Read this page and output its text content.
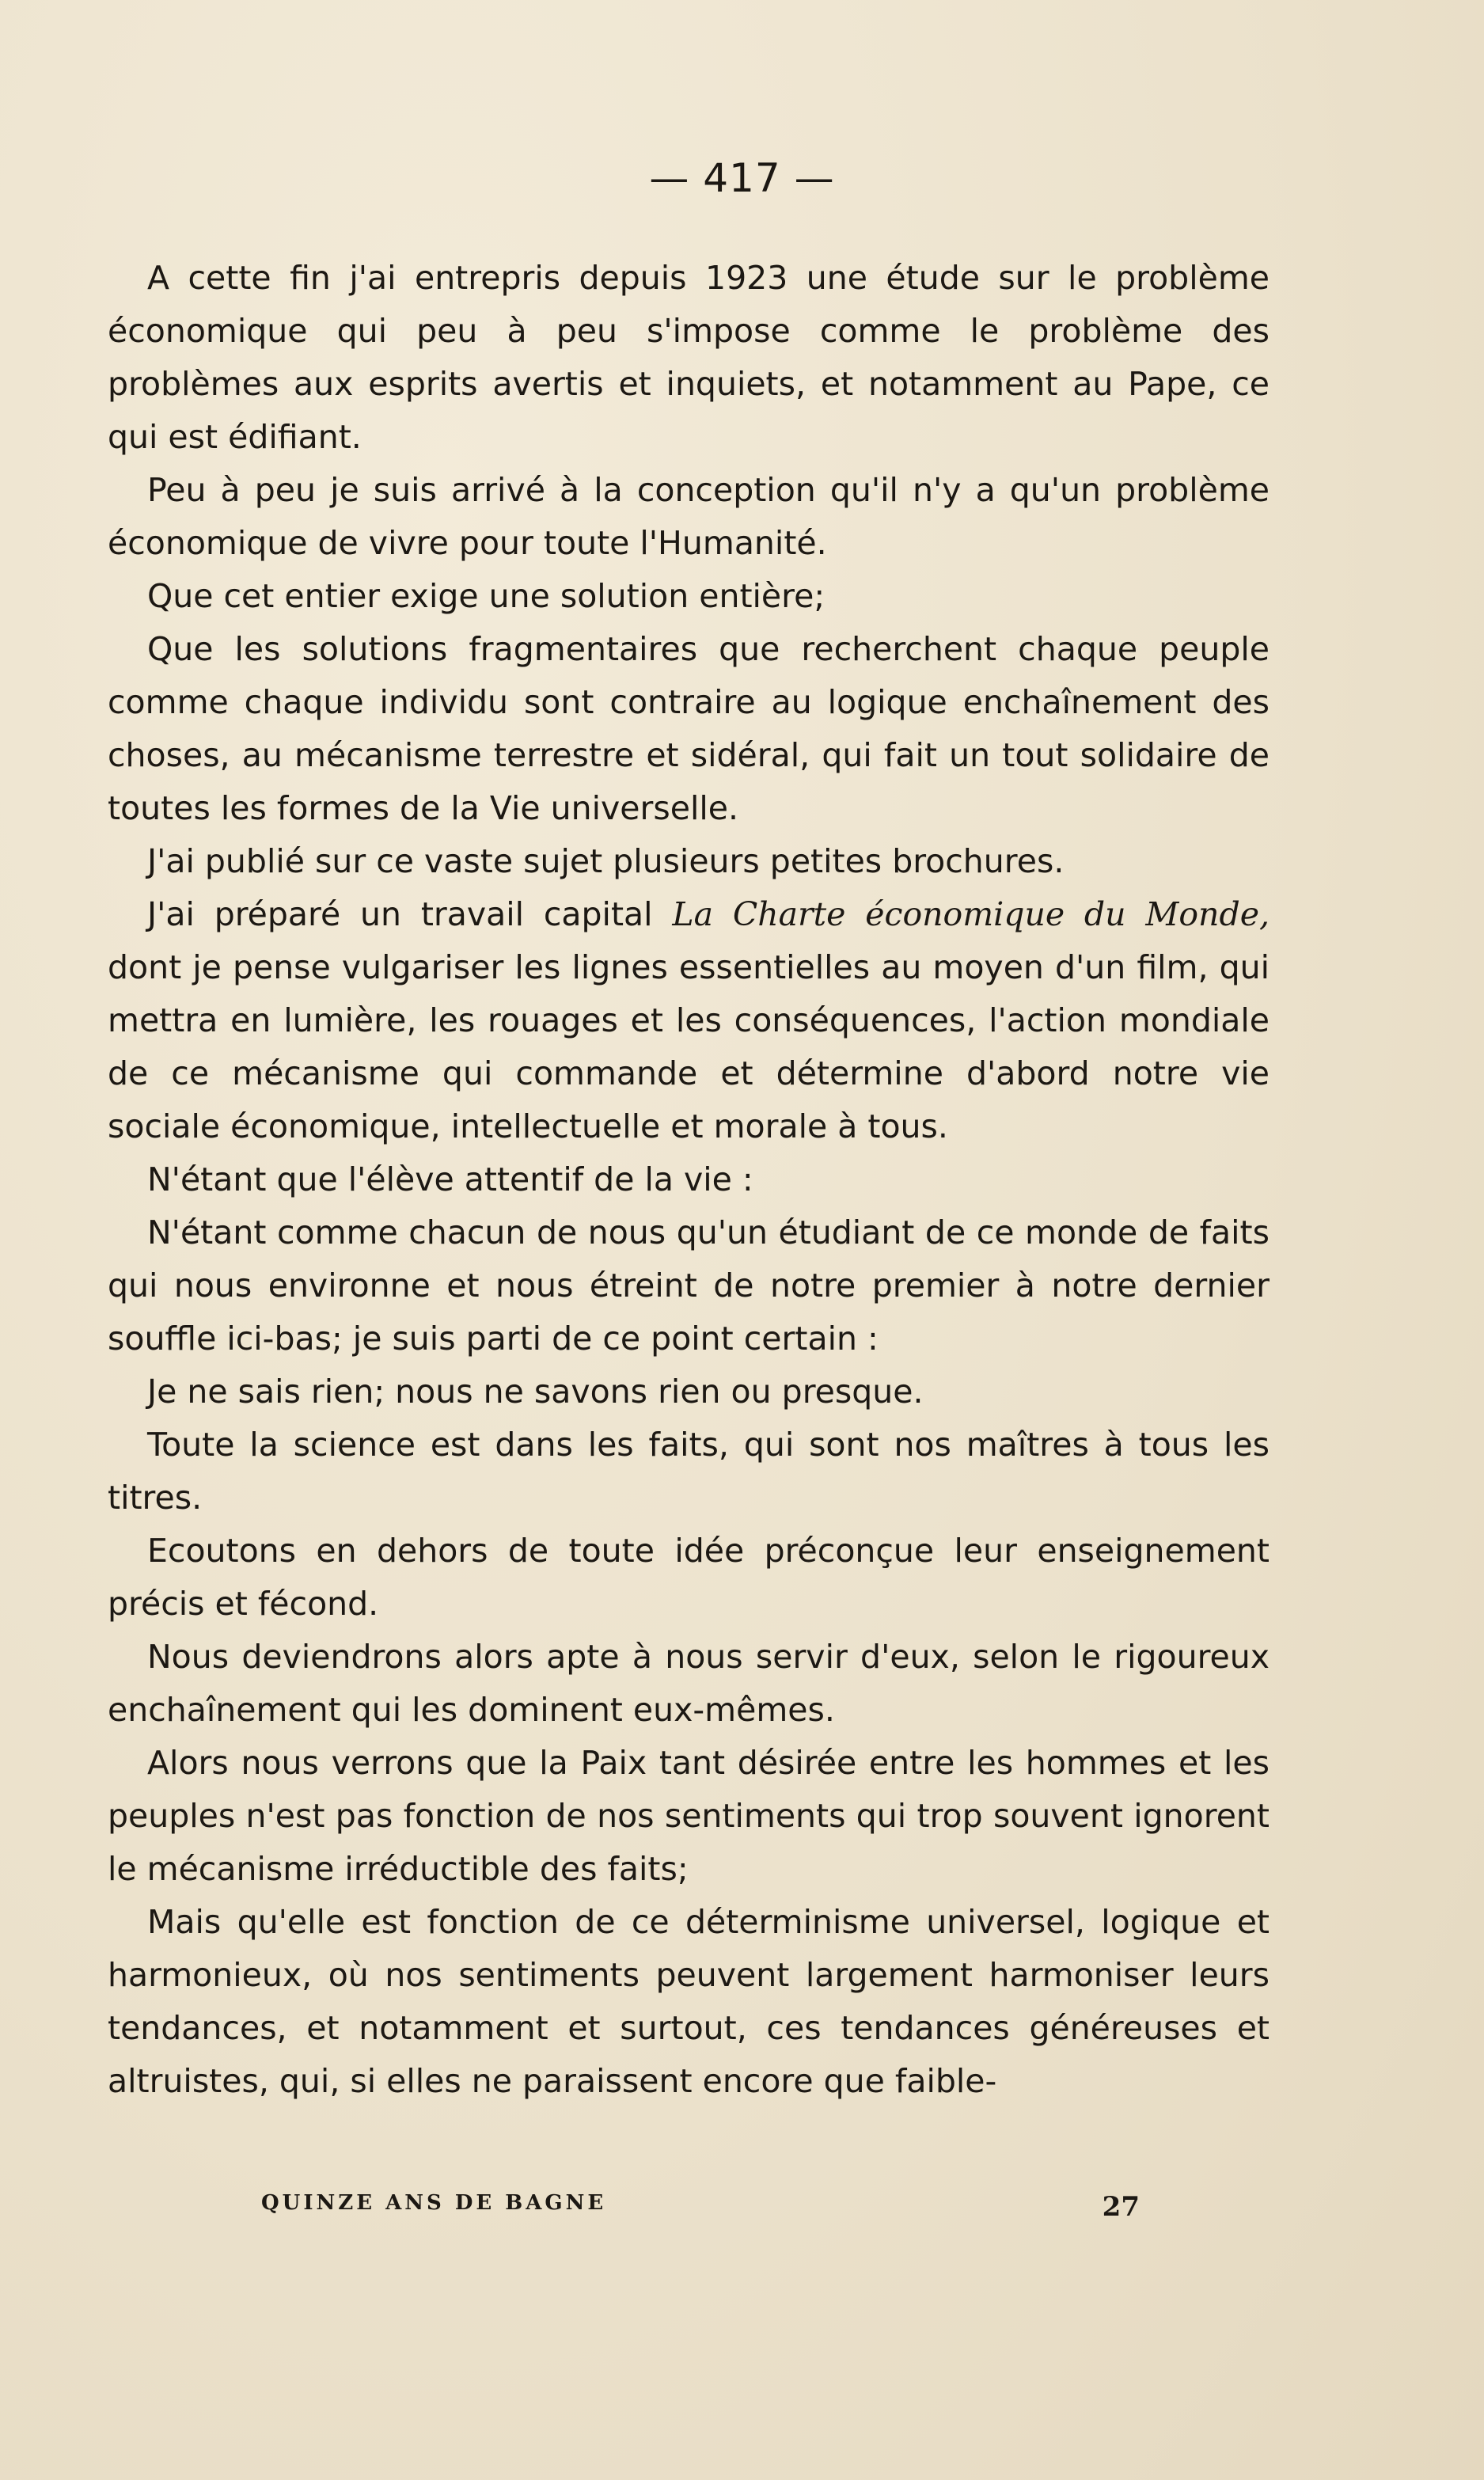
— 417 —

A cette fin j'ai entrepris depuis 1923 une étude sur le problème économique qui peu à peu s'impose comme le problème des problèmes aux esprits avertis et inquiets, et notamment au Pape, ce qui est édifiant.

Peu à peu je suis arrivé à la conception qu'il n'y a qu'un problème économique de vivre pour toute l'Humanité.

Que cet entier exige une solution entière;

Que les solutions fragmentaires que recherchent chaque peuple comme chaque individu sont contraire au logique enchaînement des choses, au mécanisme terrestre et sidéral, qui fait un tout solidaire de toutes les formes de la Vie universelle.

J'ai publié sur ce vaste sujet plusieurs petites brochures.

J'ai préparé un travail capital La Charte économique du Monde, dont je pense vulgariser les lignes essentielles au moyen d'un film, qui mettra en lumière, les rouages et les conséquences, l'action mondiale de ce mécanisme qui commande et détermine d'abord notre vie sociale économique, intellectuelle et morale à tous.

N'étant que l'élève attentif de la vie :

N'étant comme chacun de nous qu'un étudiant de ce monde de faits qui nous environne et nous étreint de notre premier à notre dernier souffle ici-bas; je suis parti de ce point certain :

Je ne sais rien; nous ne savons rien ou presque.

Toute la science est dans les faits, qui sont nos maîtres à tous les titres.

Ecoutons en dehors de toute idée préconçue leur enseignement précis et fécond.

Nous deviendrons alors apte à nous servir d'eux, selon le rigoureux enchaînement qui les dominent eux-mêmes.

Alors nous verrons que la Paix tant désirée entre les hommes et les peuples n'est pas fonction de nos sentiments qui trop souvent ignorent le mécanisme irréductible des faits;

Mais qu'elle est fonction de ce déterminisme universel, logique et harmonieux, où nos sentiments peuvent largement harmoniser leurs tendances, et notamment et surtout, ces tendances généreuses et altruistes, qui, si elles ne paraissent encore que faible-

QUINZE ANS DE BAGNE	27
